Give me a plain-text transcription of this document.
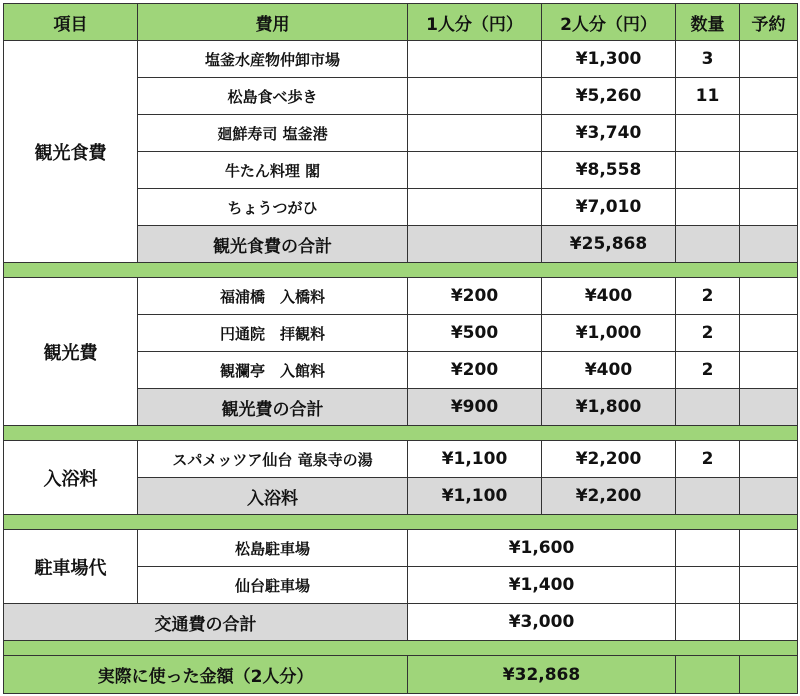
項目	費用	1人分（円）	2人分（円）	数量	予約
観光食費	塩釜水産物仲卸市場		¥1,300	3	
	松島食べ歩き		¥5,260	11	
	廻鮮寿司 塩釜港		¥3,740		
	牛たん料理 閣		¥8,558		
	ちょうつがひ		¥7,010		
	観光食費の合計		¥25,868		

観光費	福浦橋　入橋料	¥200	¥400	2	
	円通院　拝観料	¥500	¥1,000	2	
	観瀾亭　入館料	¥200	¥400	2	
	観光費の合計	¥900	¥1,800		

入浴料	スパメッツア仙台 竜泉寺の湯	¥1,100	¥2,200	2	
	入浴料	¥1,100	¥2,200		

駐車場代	松島駐車場	¥1,600			
	仙台駐車場	¥1,400			
交通費の合計		¥3,000			

実際に使った金額（2人分）		¥32,868			
